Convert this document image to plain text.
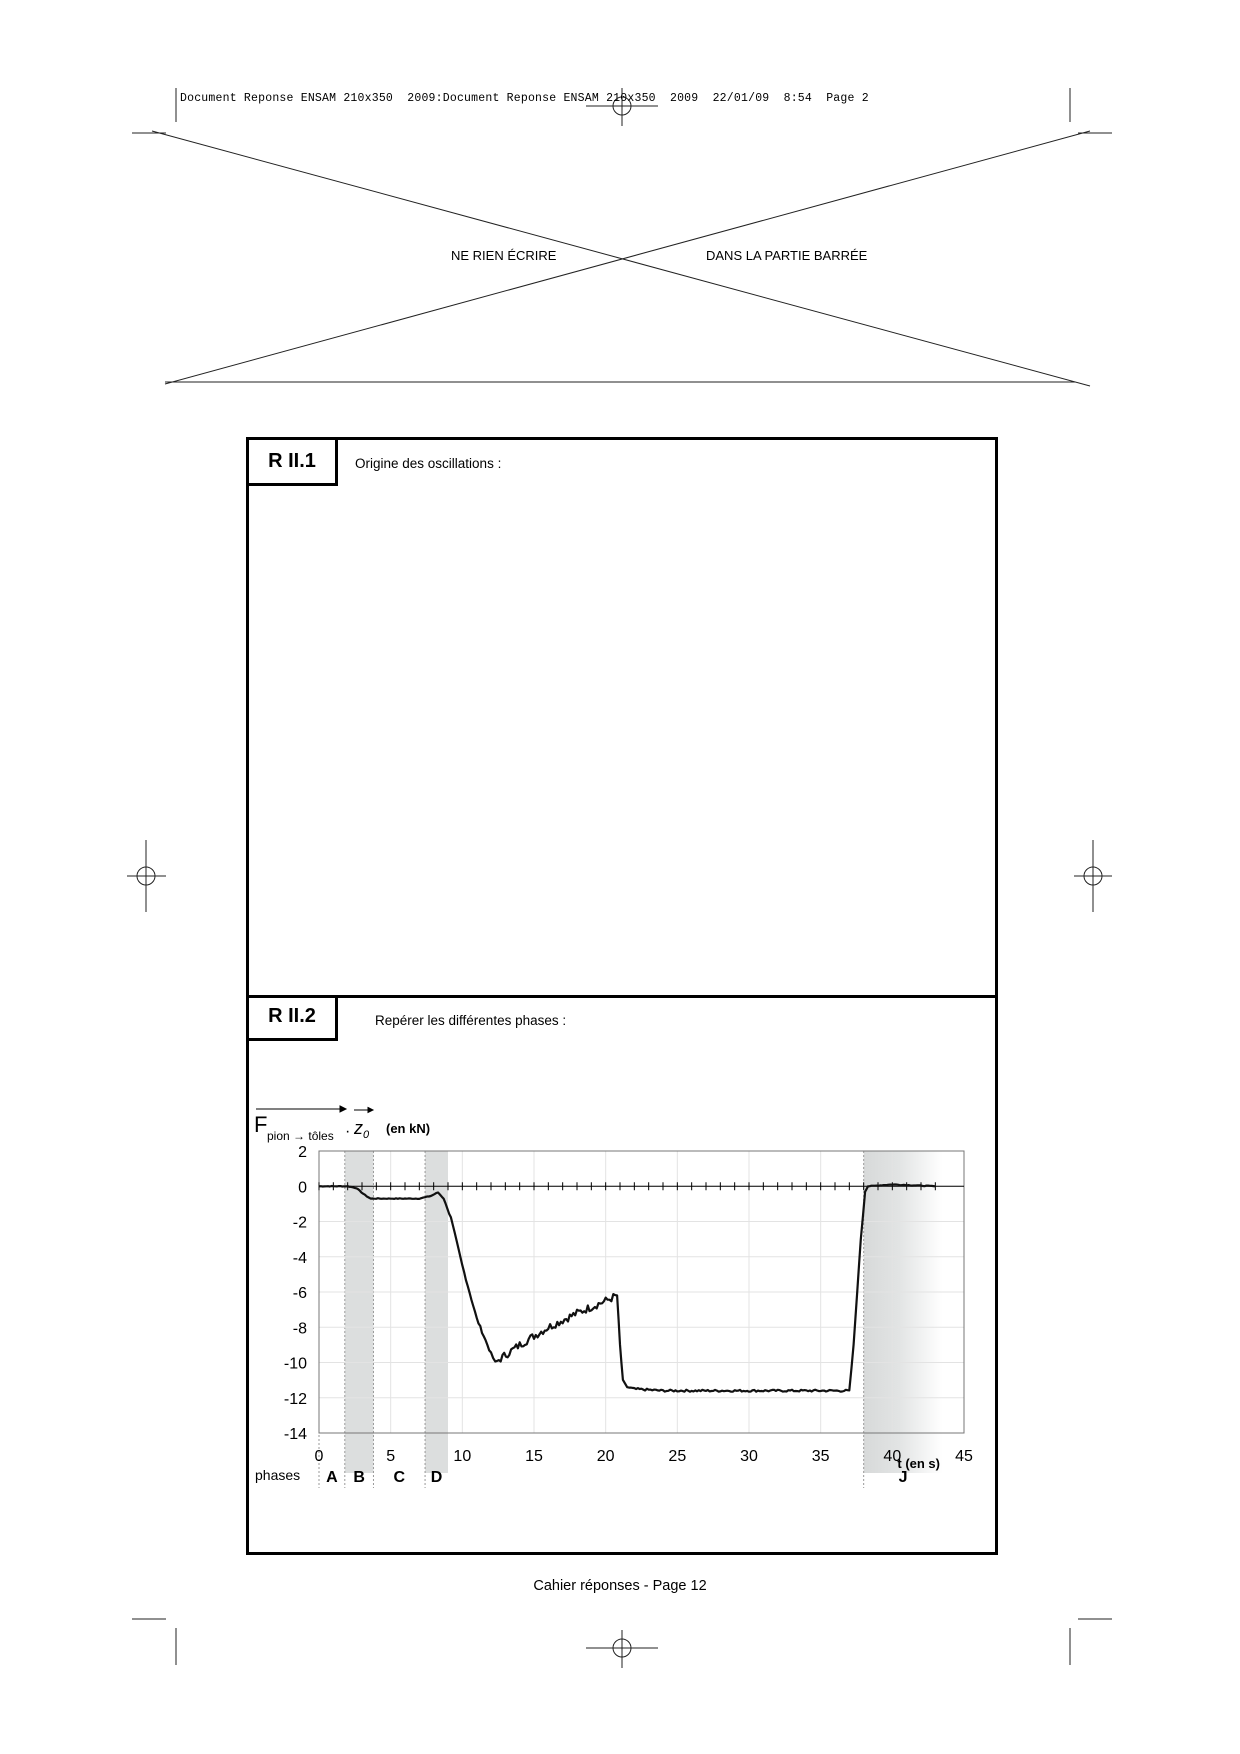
Document Reponse ENSAM 210x350  2009:Document Reponse ENSAM 210x350  2009  22/01/09  8:54  Page 2
NE RIEN ÉCRIRE	DANS LA PARTIE BARRÉE
R II.1	Origine des oscillations :
R II.2	Repérer les différentes phases :
A B C D	J
0	5	10	15	20	25	30	35	40	45
2
0
-2
-4
-6
-8
-10
-12
-14
F pion → tôles · z 0 (en kN)
t (en s)
phases
Cahier réponses - Page 12
